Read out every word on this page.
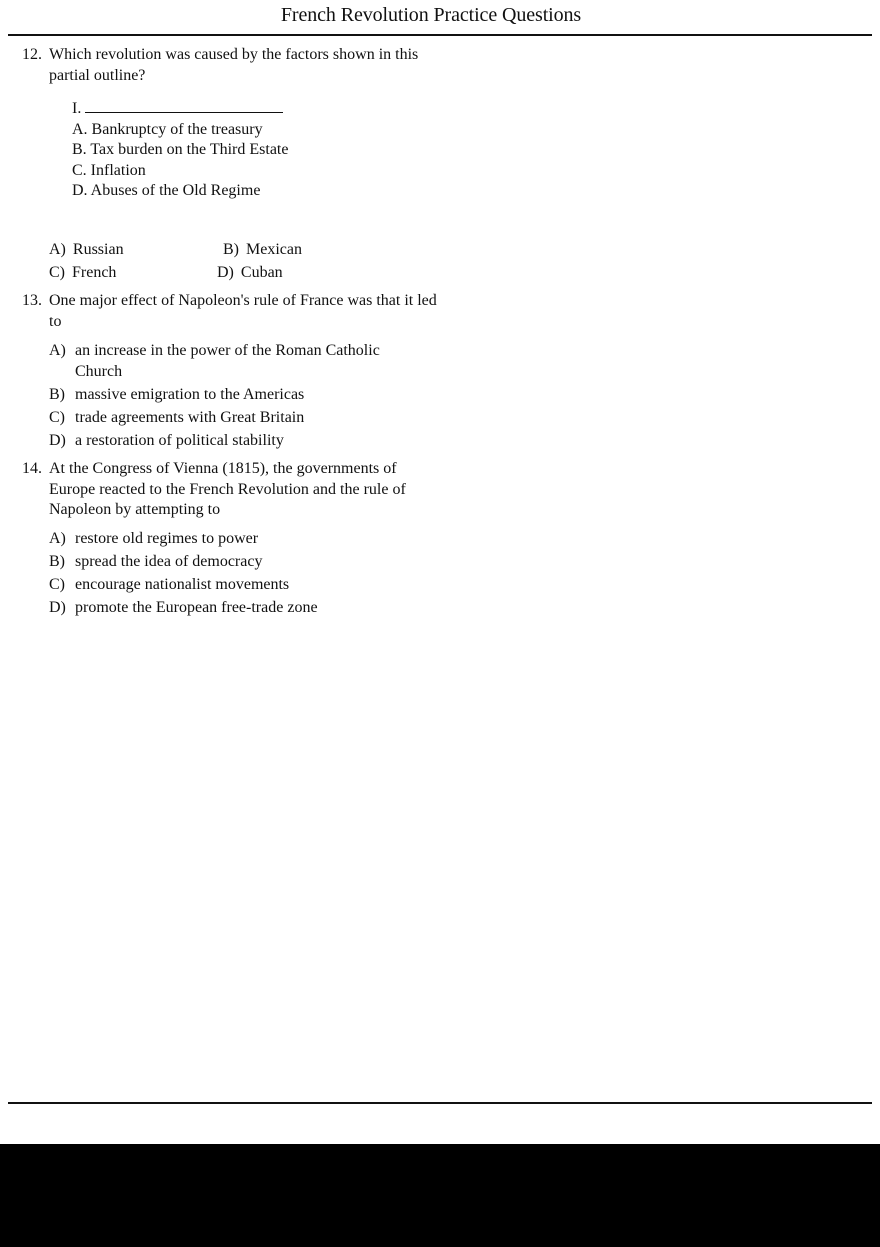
French Revolution Practice Questions
12. Which revolution was caused by the factors shown in this partial outline?
I.
A. Bankruptcy of the treasury
B. Tax burden on the Third Estate
C. Inflation
D. Abuses of the Old Regime
A) Russian	B) Mexican
C) French	D) Cuban
13. One major effect of Napoleon's rule of France was that it led to
A) an increase in the power of the Roman Catholic Church
B) massive emigration to the Americas
C) trade agreements with Great Britain
D) a restoration of political stability
14. At the Congress of Vienna (1815), the governments of Europe reacted to the French Revolution and the rule of Napoleon by attempting to
A) restore old regimes to power
B) spread the idea of democracy
C) encourage nationalist movements
D) promote the European free-trade zone
